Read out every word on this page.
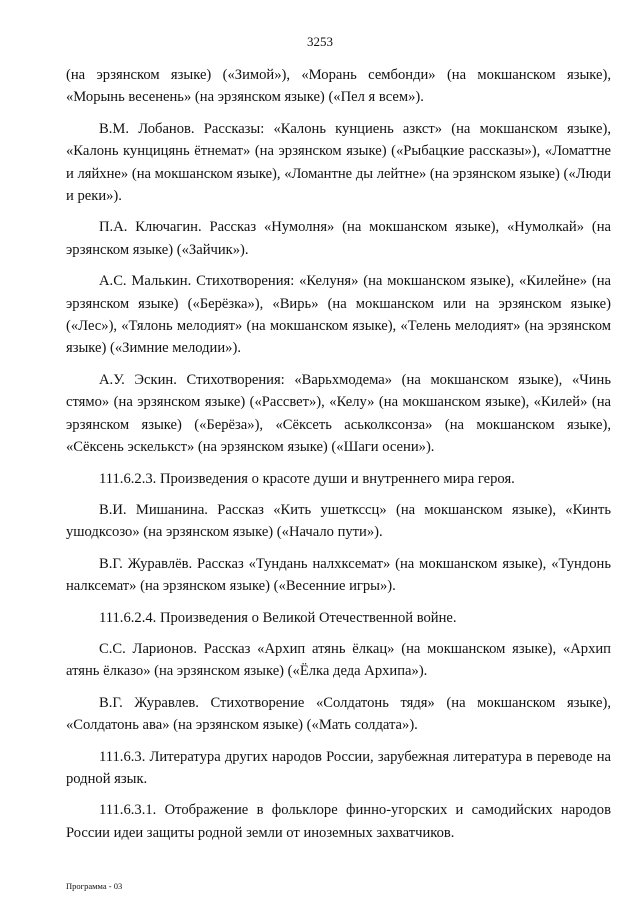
3253

(на эрзянском языке) («Зимой»), «Морань сембонди» (на мокшанском языке), «Морынь весенень» (на эрзянском языке) («Пел я всем»).

В.М. Лобанов. Рассказы: «Калонь кунциень азкст» (на мокшанском языке), «Калонь кунцицянь ётнемат» (на эрзянском языке) («Рыбацкие рассказы»), «Ломаттне и ляйхне» (на мокшанском языке), «Ломантне ды лейтне» (на эрзянском языке) («Люди и реки»).

П.А. Ключагин. Рассказ «Нумолня» (на мокшанском языке), «Нумолкай» (на эрзянском языке) («Зайчик»).

А.С. Малькин. Стихотворения: «Келуня» (на мокшанском языке), «Килейне» (на эрзянском языке) («Берёзка»), «Вирь» (на мокшанском или на эрзянском языке) («Лес»), «Тялонь мелодият» (на мокшанском языке), «Телень мелодият» (на эрзянском языке) («Зимние мелодии»).

А.У. Эскин. Стихотворения: «Варьхмодема» (на мокшанском языке), «Чинь стямо» (на эрзянском языке) («Рассвет»), «Келу» (на мокшанском языке), «Килей» (на эрзянском языке) («Берёза»), «Сёксеть аськолксонза» (на мокшанском языке), «Сёксень эскелькст» (на эрзянском языке) («Шаги осени»).

111.6.2.3. Произведения о красоте души и внутреннего мира героя.

В.И. Мишанина. Рассказ «Кить ушеткссц» (на мокшанском языке), «Кинть ушодксозо» (на эрзянском языке) («Начало пути»).

В.Г. Журавлёв. Рассказ «Тундань налхксемат» (на мокшанском языке), «Тундонь налксемат» (на эрзянском языке) («Весенние игры»).

111.6.2.4. Произведения о Великой Отечественной войне.

С.С. Ларионов. Рассказ «Архип атянь ёлкац» (на мокшанском языке), «Архип атянь ёлказо» (на эрзянском языке) («Ёлка деда Архипа»).

В.Г. Журавлев. Стихотворение «Солдатонь тядя» (на мокшанском языке), «Солдатонь ава» (на эрзянском языке) («Мать солдата»).

111.6.3. Литература других народов России, зарубежная литература в переводе на родной язык.

111.6.3.1. Отображение в фольклоре финно-угорских и самодийских народов России идеи защиты родной земли от иноземных захватчиков.

Программа - 03
